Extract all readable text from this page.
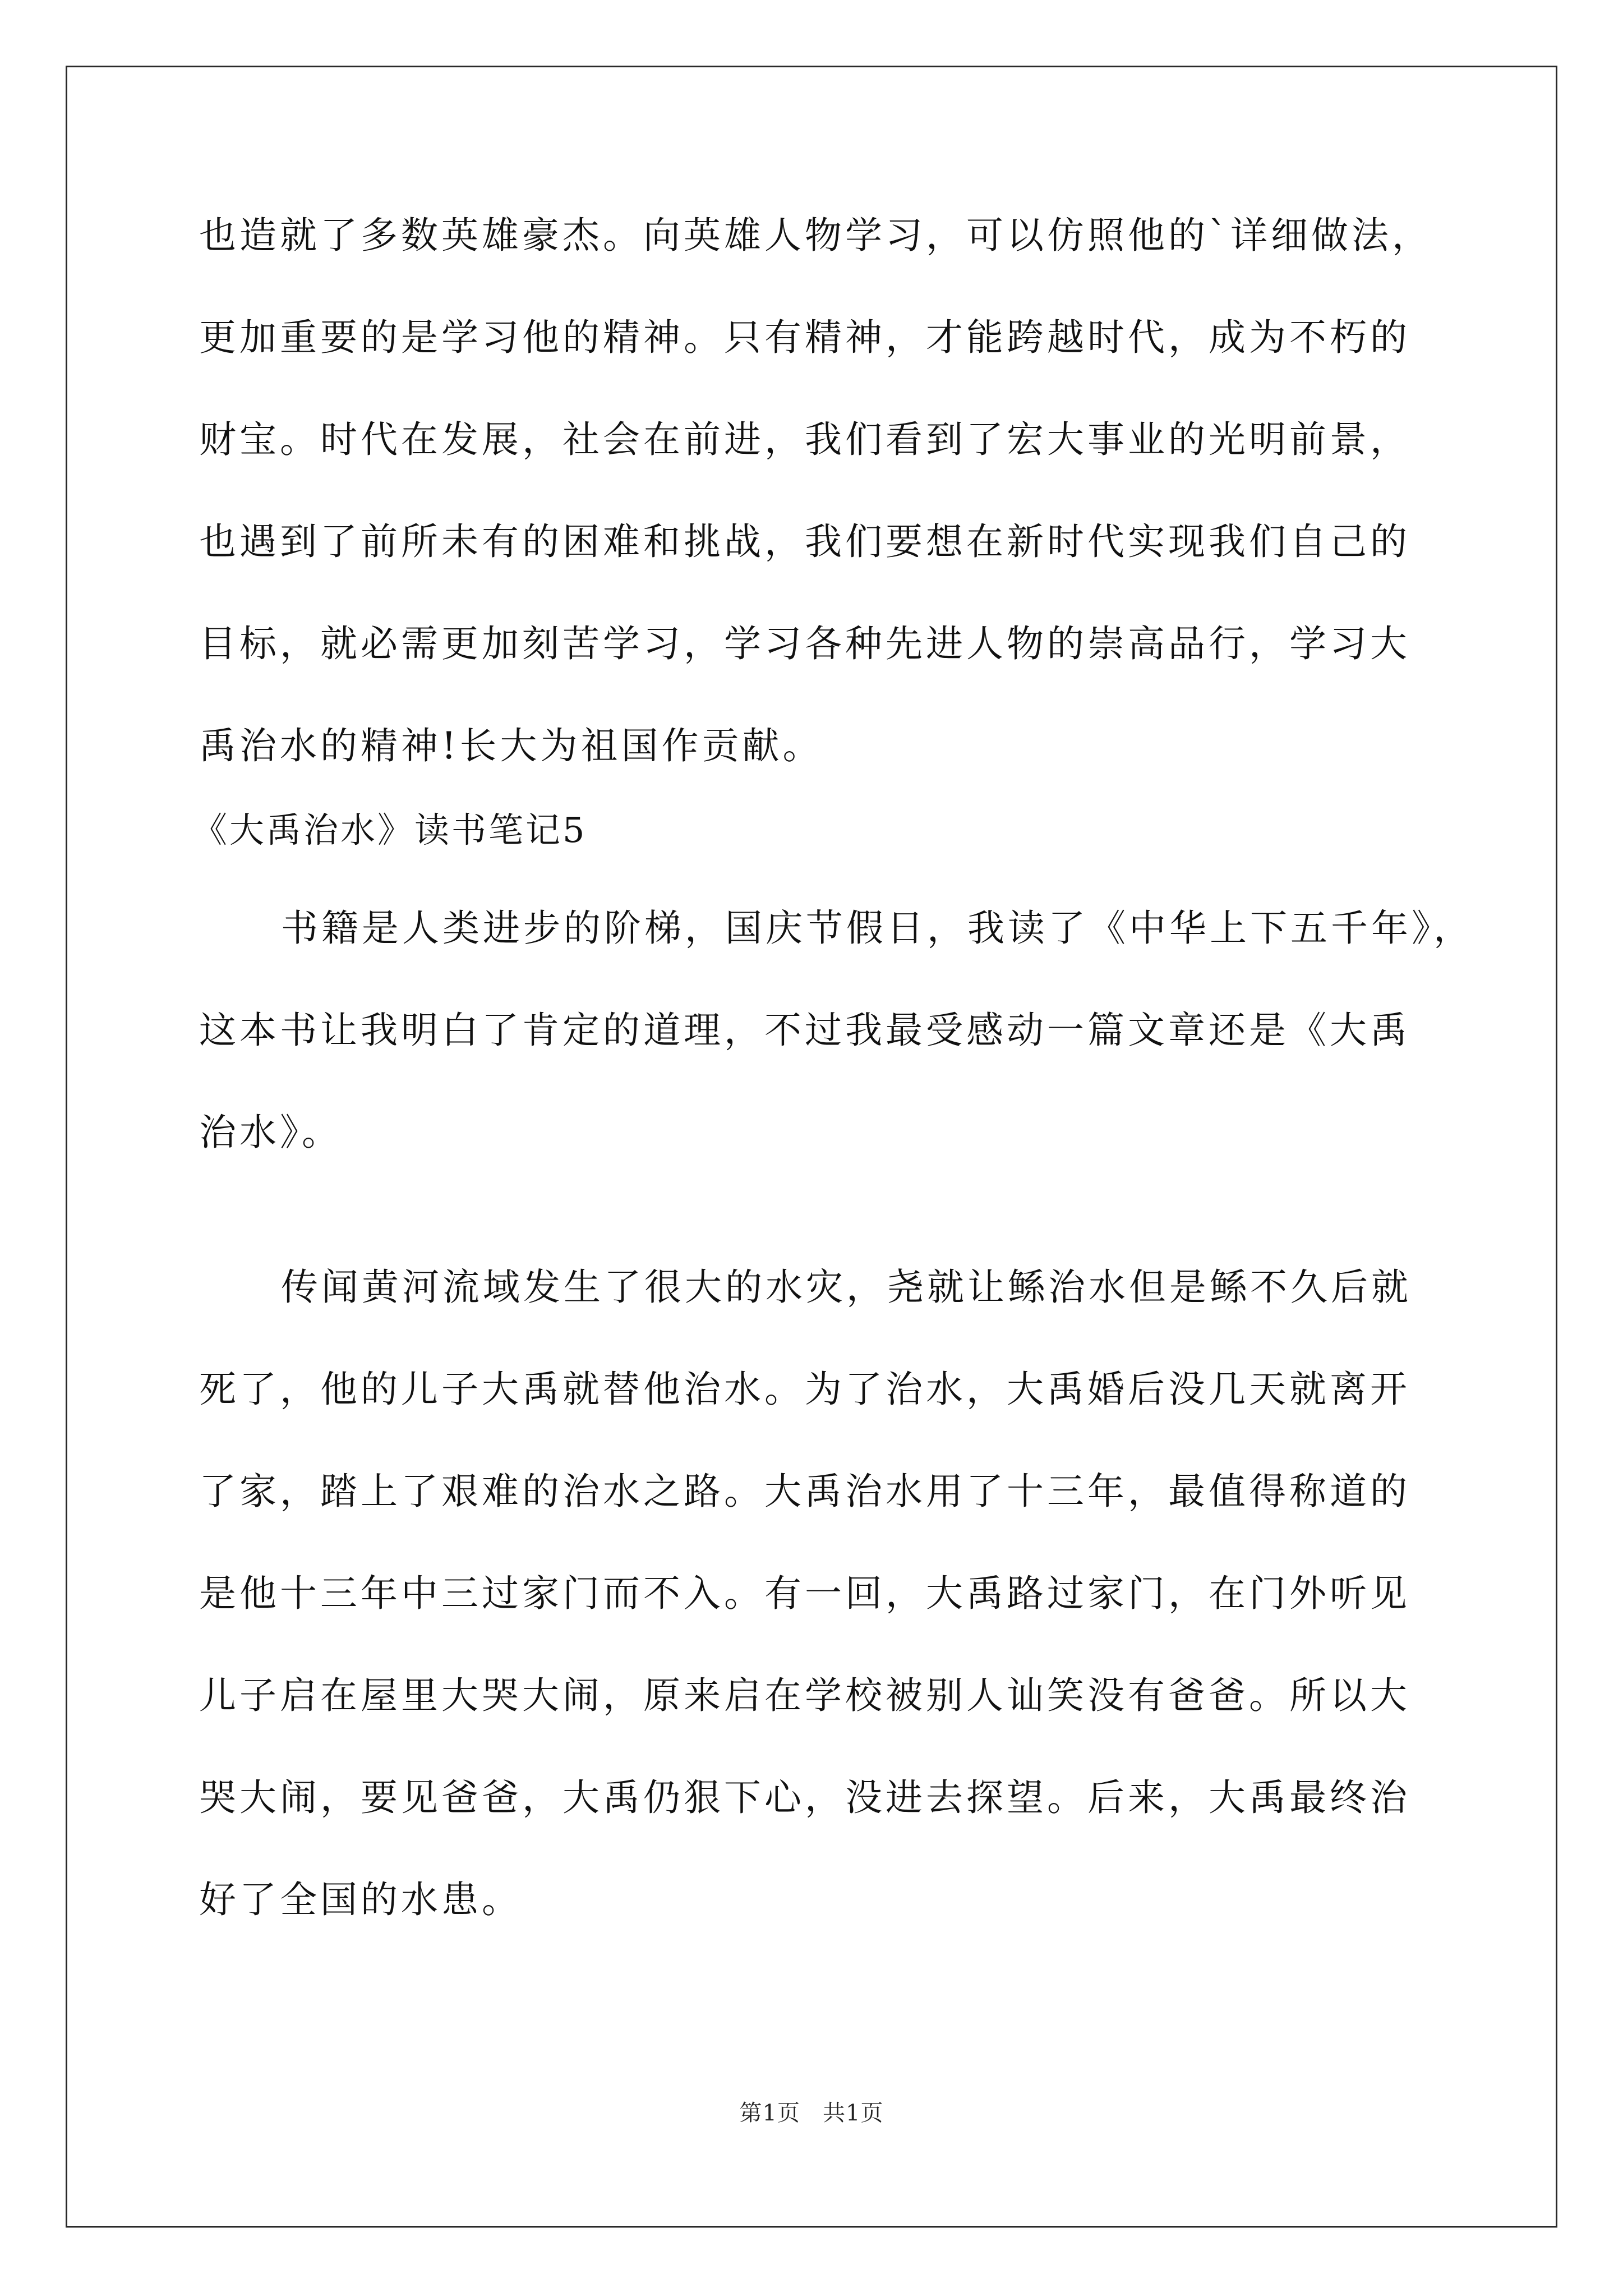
也造就了多数英雄豪杰。向英雄人物学习，可以仿照他的`详细做法，
更加重要的是学习他的精神。只有精神，才能跨越时代，成为不朽的
财宝。时代在发展，社会在前进，我们看到了宏大事业的光明前景，
也遇到了前所未有的困难和挑战，我们要想在新时代实现我们自己的
目标，就必需更加刻苦学习，学习各种先进人物的崇高品行，学习大
禹治水的精神!长大为祖国作贡献。
《大禹治水》读书笔记5
书籍是人类进步的阶梯，国庆节假日，我读了《中华上下五千年》，
这本书让我明白了肯定的道理，不过我最受感动一篇文章还是《大禹
治水》。
传闻黄河流域发生了很大的水灾，尧就让鲧治水但是鲧不久后就
死了，他的儿子大禹就替他治水。为了治水，大禹婚后没几天就离开
了家，踏上了艰难的治水之路。大禹治水用了十三年，最值得称道的
是他十三年中三过家门而不入。有一回，大禹路过家门，在门外听见
儿子启在屋里大哭大闹，原来启在学校被别人讪笑没有爸爸。所以大
哭大闹，要见爸爸，大禹仍狠下心，没进去探望。后来，大禹最终治
好了全国的水患。
第1页 共1页
